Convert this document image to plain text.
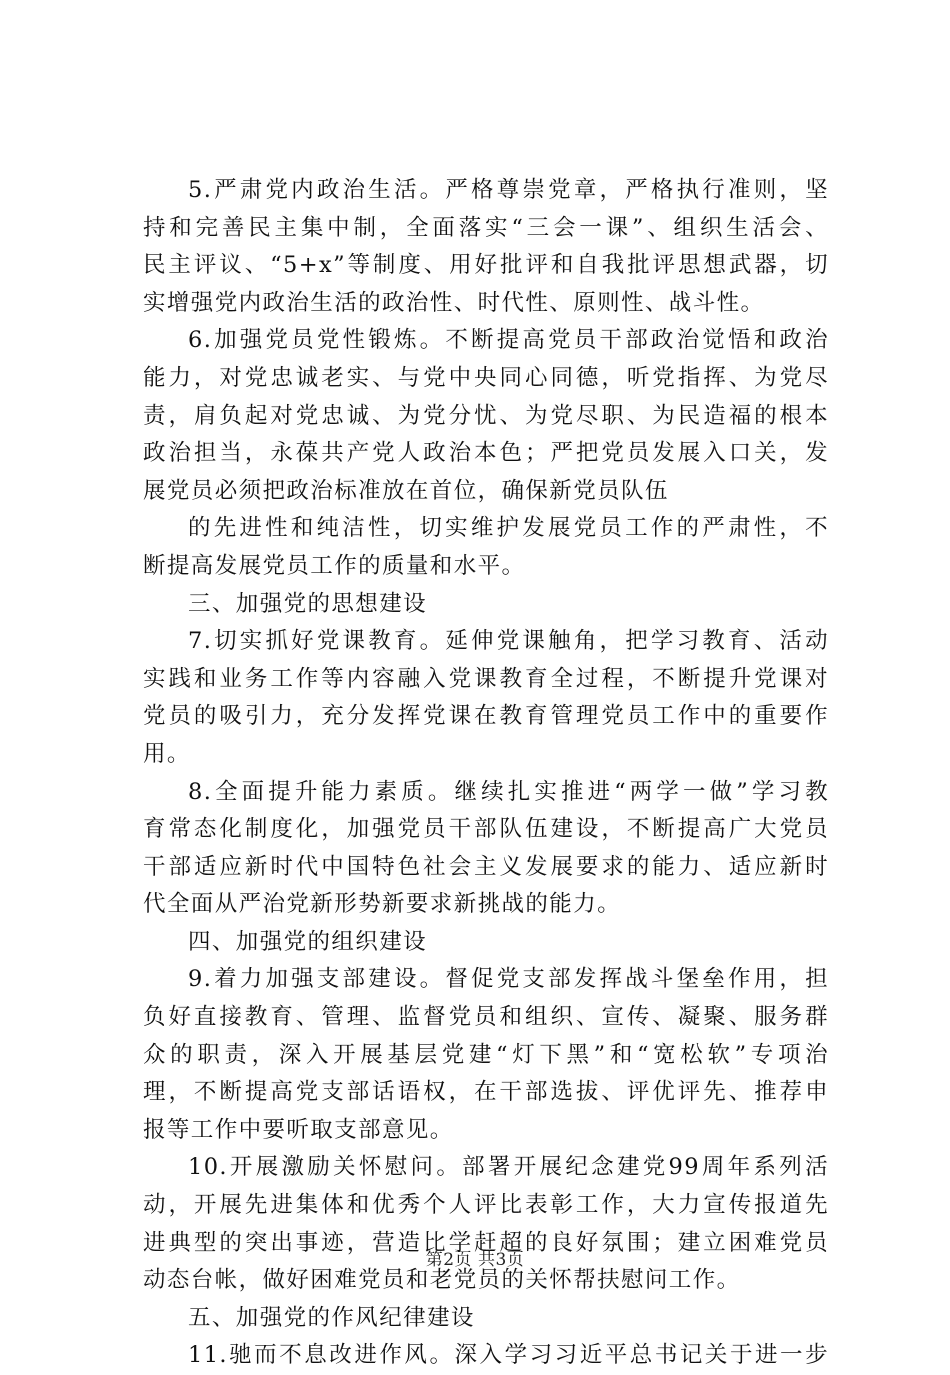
5.严肃党内政治生活。严格尊崇党章，严格执行准则，坚
持和完善民主集中制，全面落实“三会一课”、组织生活会、
民主评议、“5+x”等制度、用好批评和自我批评思想武器，切
实增强党内政治生活的政治性、时代性、原则性、战斗性。
6.加强党员党性锻炼。不断提高党员干部政治觉悟和政治
能力，对党忠诚老实、与党中央同心同德，听党指挥、为党尽
责，肩负起对党忠诚、为党分忧、为党尽职、为民造福的根本
政治担当，永葆共产党人政治本色；严把党员发展入口关，发
展党员必须把政治标准放在首位，确保新党员队伍
的先进性和纯洁性，切实维护发展党员工作的严肃性，不
断提高发展党员工作的质量和水平。
三、加强党的思想建设
7.切实抓好党课教育。延伸党课触角，把学习教育、活动
实践和业务工作等内容融入党课教育全过程，不断提升党课对
党员的吸引力，充分发挥党课在教育管理党员工作中的重要作
用。
8.全面提升能力素质。继续扎实推进“两学一做”学习教
育常态化制度化，加强党员干部队伍建设，不断提高广大党员
干部适应新时代中国特色社会主义发展要求的能力、适应新时
代全面从严治党新形势新要求新挑战的能力。
四、加强党的组织建设
9.着力加强支部建设。督促党支部发挥战斗堡垒作用，担
负好直接教育、管理、监督党员和组织、宣传、凝聚、服务群
众的职责，深入开展基层党建“灯下黑”和“宽松软”专项治
理，不断提高党支部话语权，在干部选拔、评优评先、推荐申
报等工作中要听取支部意见。
10.开展激励关怀慰问。部署开展纪念建党99周年系列活
动，开展先进集体和优秀个人评比表彰工作，大力宣传报道先
进典型的突出事迹，营造比学赶超的良好氛围；建立困难党员
动态台帐，做好困难党员和老党员的关怀帮扶慰问工作。
五、加强党的作风纪律建设
11.驰而不息改进作风。深入学习习近平总书记关于进一步
第2页 共3页
